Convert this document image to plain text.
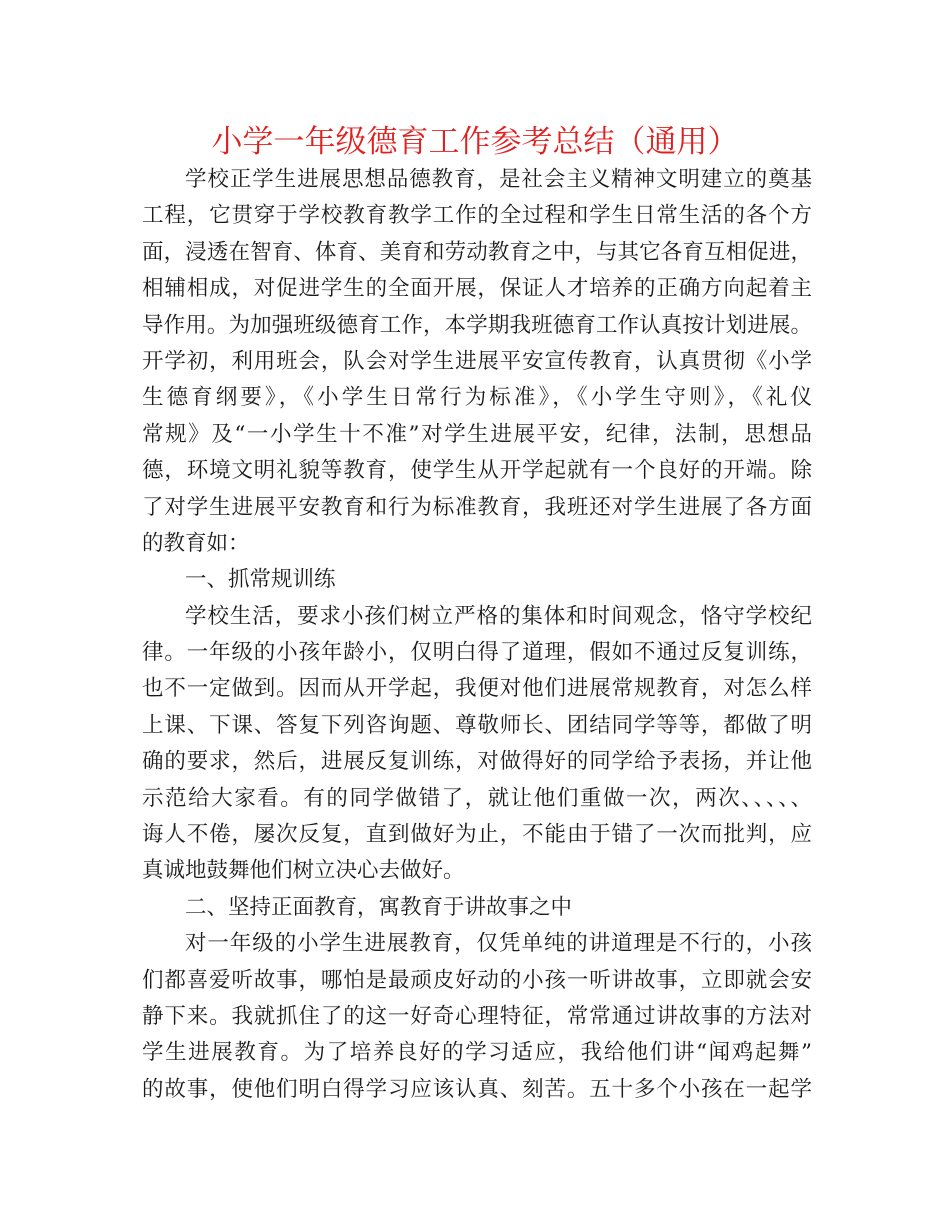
小学一年级德育工作参考总结（通用）
学校正学生进展思想品德教育，是社会主义精神文明建立的奠基
工程，它贯穿于学校教育教学工作的全过程和学生日常生活的各个方
面，浸透在智育、体育、美育和劳动教育之中，与其它各育互相促进，
相辅相成，对促进学生的全面开展，保证人才培养的正确方向起着主
导作用。为加强班级德育工作，本学期我班德育工作认真按计划进展。
开学初，利用班会，队会对学生进展平安宣传教育，认真贯彻《小学
生德育纲要》，《小学生日常行为标准》，《小学生守则》，《礼仪
常规》及“一小学生十不准”对学生进展平安，纪律，法制，思想品
德，环境文明礼貌等教育，使学生从开学起就有一个良好的开端。除
了对学生进展平安教育和行为标准教育，我班还对学生进展了各方面
的教育如：
一、抓常规训练
学校生活，要求小孩们树立严格的集体和时间观念，恪守学校纪
律。一年级的小孩年龄小，仅明白得了道理，假如不通过反复训练，
也不一定做到。因而从开学起，我便对他们进展常规教育，对怎么样
上课、下课、答复下列咨询题、尊敬师长、团结同学等等，都做了明
确的要求，然后，进展反复训练，对做得好的同学给予表扬，并让他
示范给大家看。有的同学做错了，就让他们重做一次，两次、、、、、
诲人不倦，屡次反复，直到做好为止，不能由于错了一次而批判，应
真诚地鼓舞他们树立决心去做好。
二、坚持正面教育，寓教育于讲故事之中
对一年级的小学生进展教育，仅凭单纯的讲道理是不行的，小孩
们都喜爱听故事，哪怕是最顽皮好动的小孩一听讲故事，立即就会安
静下来。我就抓住了的这一好奇心理特征，常常通过讲故事的方法对
学生进展教育。为了培养良好的学习适应，我给他们讲“闻鸡起舞”
的故事，使他们明白得学习应该认真、刻苦。五十多个小孩在一起学
